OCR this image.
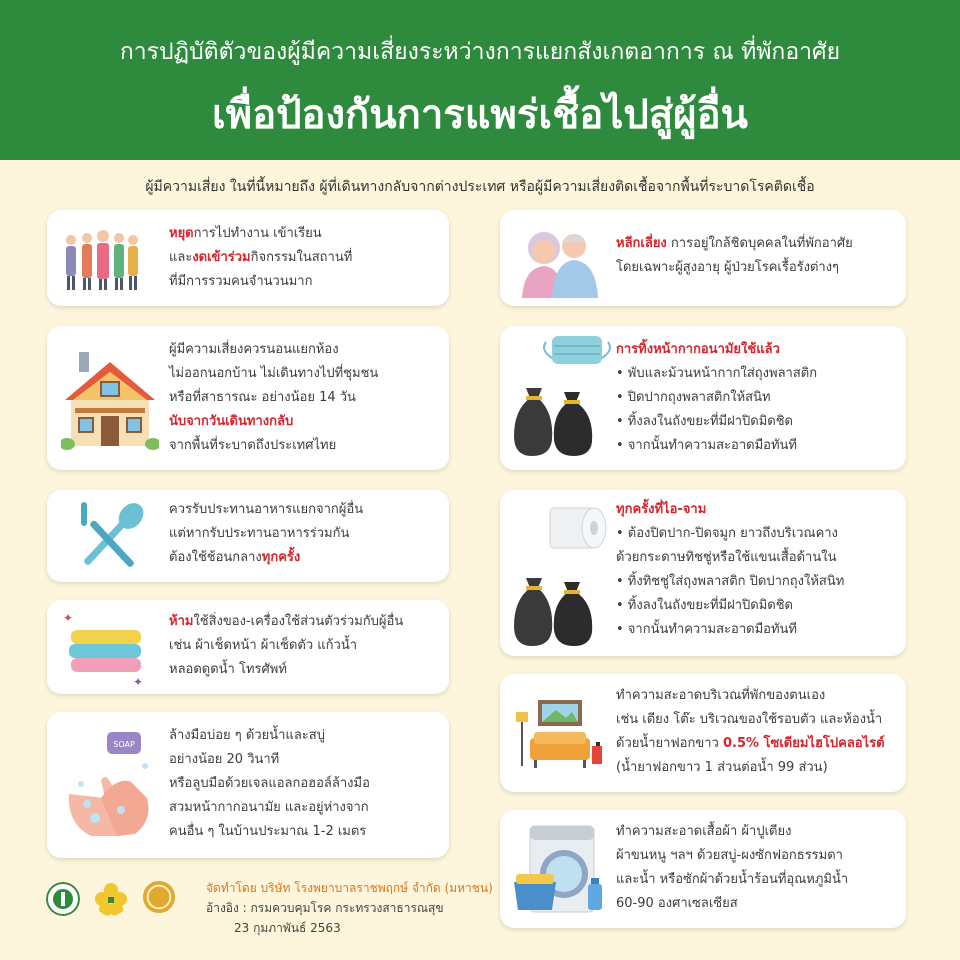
การปฏิบัติตัวของผู้มีความเสี่ยงระหว่างการแยกสังเกตอาการ ณ ที่พักอาศัย
เพื่อป้องกันการแพร่เชื้อไปสู่ผู้อื่น
ผู้มีความเสี่ยง ในที่นี้หมายถึง ผู้ที่เดินทางกลับจากต่างประเทศ หรือผู้มีความเสี่ยงติดเชื้อจากพื้นที่ระบาดโรคติดเชื้อ
หยุดการไปทำงาน เข้าเรียน
และงดเข้าร่วมกิจกรรมในสถานที่
ที่มีการรวมคนจำนวนมาก
ผู้มีความเสี่ยงควรนอนแยกห้อง
ไม่ออกนอกบ้าน ไม่เดินทางไปที่ชุมชน
หรือที่สาธารณะ อย่างน้อย 14 วัน
นับจากวันเดินทางกลับ
จากพื้นที่ระบาดถึงประเทศไทย
ควรรับประทานอาหารแยกจากผู้อื่น
แต่หากรับประทานอาหารร่วมกัน
ต้องใช้ช้อนกลางทุกครั้ง
✦
✦
ห้ามใช้สิ่งของ-เครื่องใช้ส่วนตัวร่วมกับผู้อื่น
เช่น ผ้าเช็ดหน้า ผ้าเช็ดตัว แก้วน้ำ
หลอดดูดน้ำ โทรศัพท์
SOAP
ล้างมือบ่อย ๆ ด้วยน้ำและสบู่
อย่างน้อย 20 วินาที
หรือลูบมือด้วยเจลแอลกอฮอล์ล้างมือ
สวมหน้ากากอนามัย และอยู่ห่างจาก
คนอื่น ๆ ในบ้านประมาณ 1-2 เมตร
หลีกเลี่ยง การอยู่ใกล้ชิดบุคคลในที่พักอาศัย
โดยเฉพาะผู้สูงอายุ ผู้ป่วยโรคเรื้อรังต่างๆ
การทิ้งหน้ากากอนามัยใช้แล้ว
• พับและม้วนหน้ากากใส่ถุงพลาสติก
• ปิดปากถุงพลาสติกให้สนิท
• ทิ้งลงในถังขยะที่มีฝาปิดมิดชิด
• จากนั้นทำความสะอาดมือทันที
ทุกครั้งที่ไอ-จาม
• ต้องปิดปาก-ปิดจมูก ยาวถึงบริเวณคาง
ด้วยกระดาษทิชชู่หรือใช้แขนเสื้อด้านใน
• ทิ้งทิชชู่ใส่ถุงพลาสติก ปิดปากถุงให้สนิท
• ทิ้งลงในถังขยะที่มีฝาปิดมิดชิด
• จากนั้นทำความสะอาดมือทันที
ทำความสะอาดบริเวณที่พักของตนเอง
เช่น เตียง โต๊ะ บริเวณของใช้รอบตัว และห้องน้ำ
ด้วยน้ำยาฟอกขาว 0.5% โซเดียมไฮโปคลอไรต์
(น้ำยาฟอกขาว 1 ส่วนต่อน้ำ 99 ส่วน)
ทำความสะอาดเสื้อผ้า ผ้าปูเตียง
ผ้าขนหนู ฯลฯ ด้วยสบู่-ผงซักฟอกธรรมดา
และน้ำ หรือซักผ้าด้วยน้ำร้อนที่อุณหภูมิน้ำ
60-90 องศาเซลเซียส
จัดทำโดย บริษัท โรงพยาบาลราชพฤกษ์ จำกัด (มหาชน)
อ้างอิง : กรมควบคุมโรค กระทรวงสาธารณสุข
23 กุมภาพันธ์ 2563
